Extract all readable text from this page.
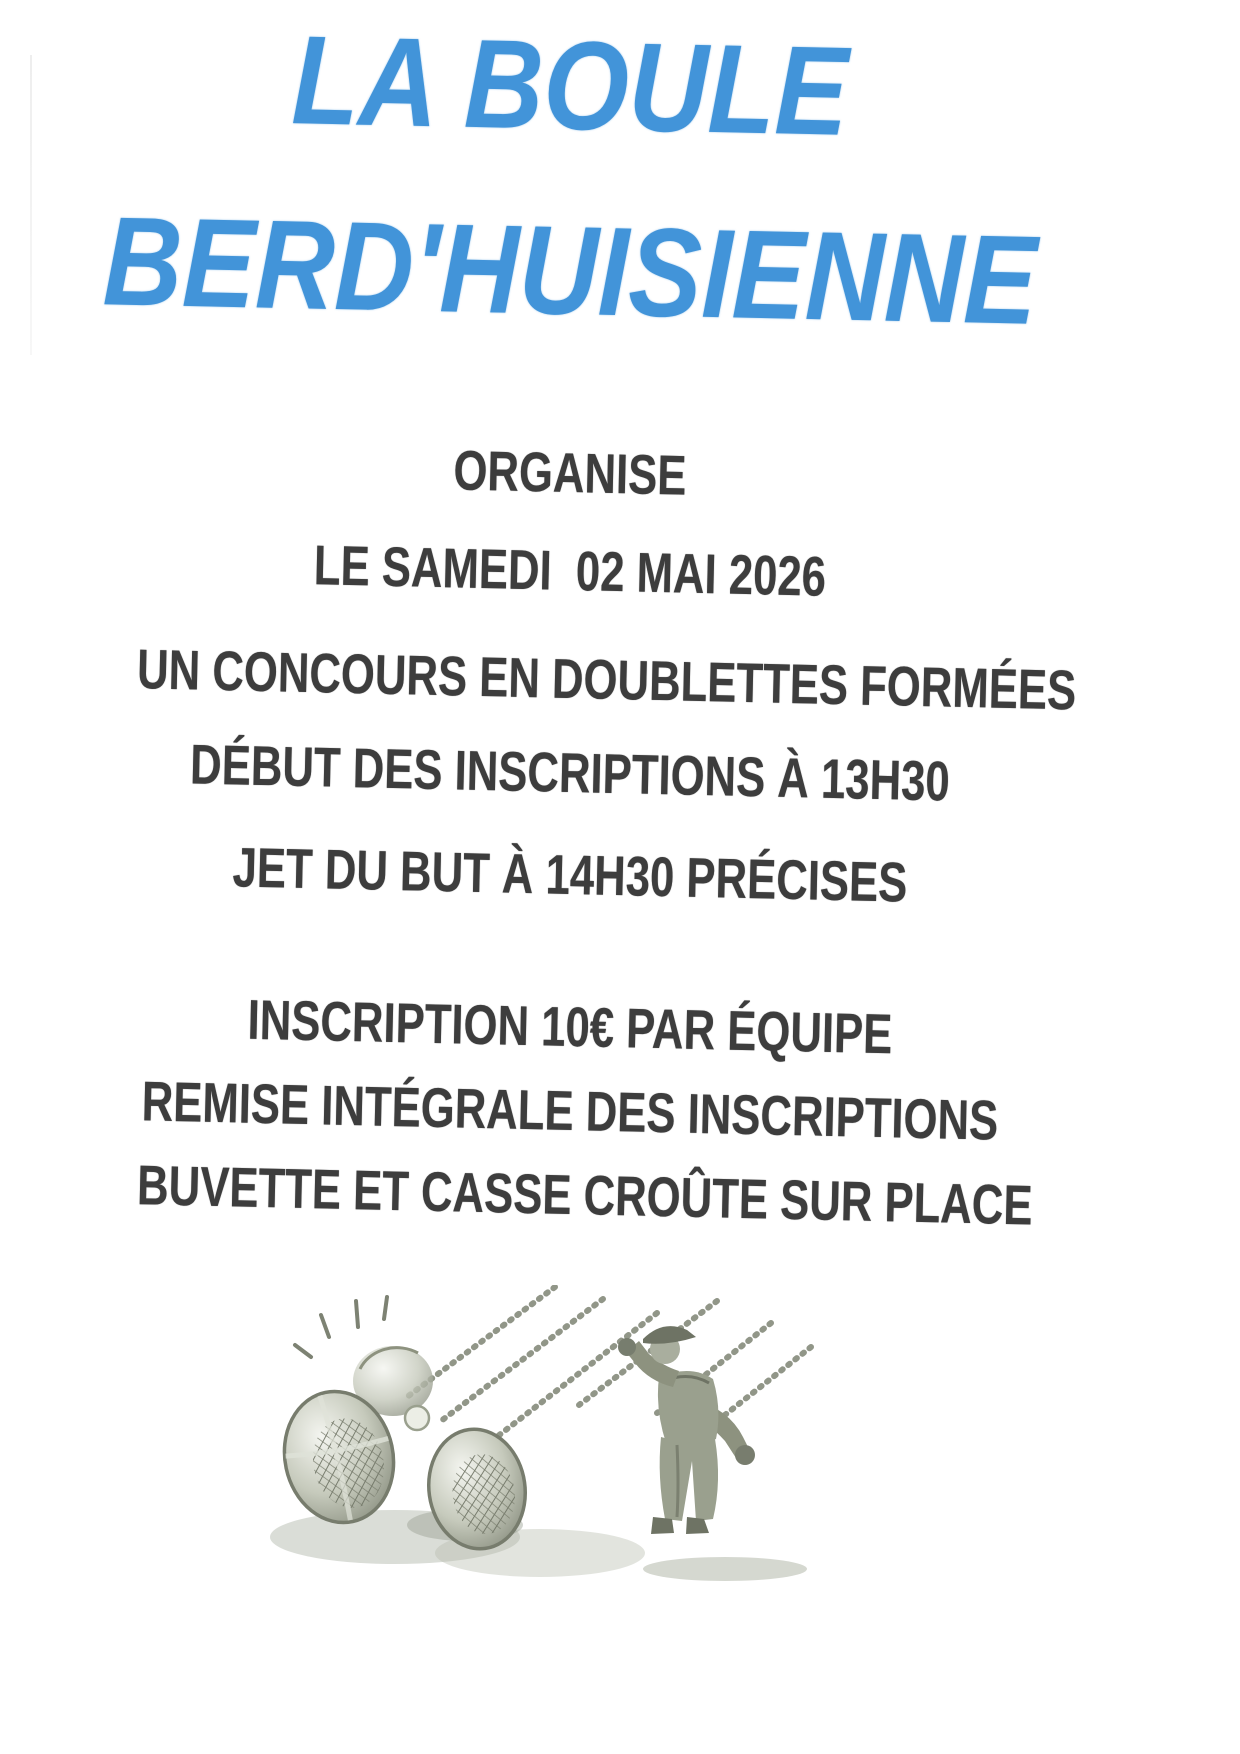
LA BOULE
BERD'HUISIENNE
ORGANISE
LE SAMEDI  02 MAI 2026
UN CONCOURS EN DOUBLETTES FORMÉES
DÉBUT DES INSCRIPTIONS À 13H30
JET DU BUT À 14H30 PRÉCISES
INSCRIPTION 10€ PAR ÉQUIPE
REMISE INTÉGRALE DES INSCRIPTIONS
BUVETTE ET CASSE CROÛTE SUR PLACE
